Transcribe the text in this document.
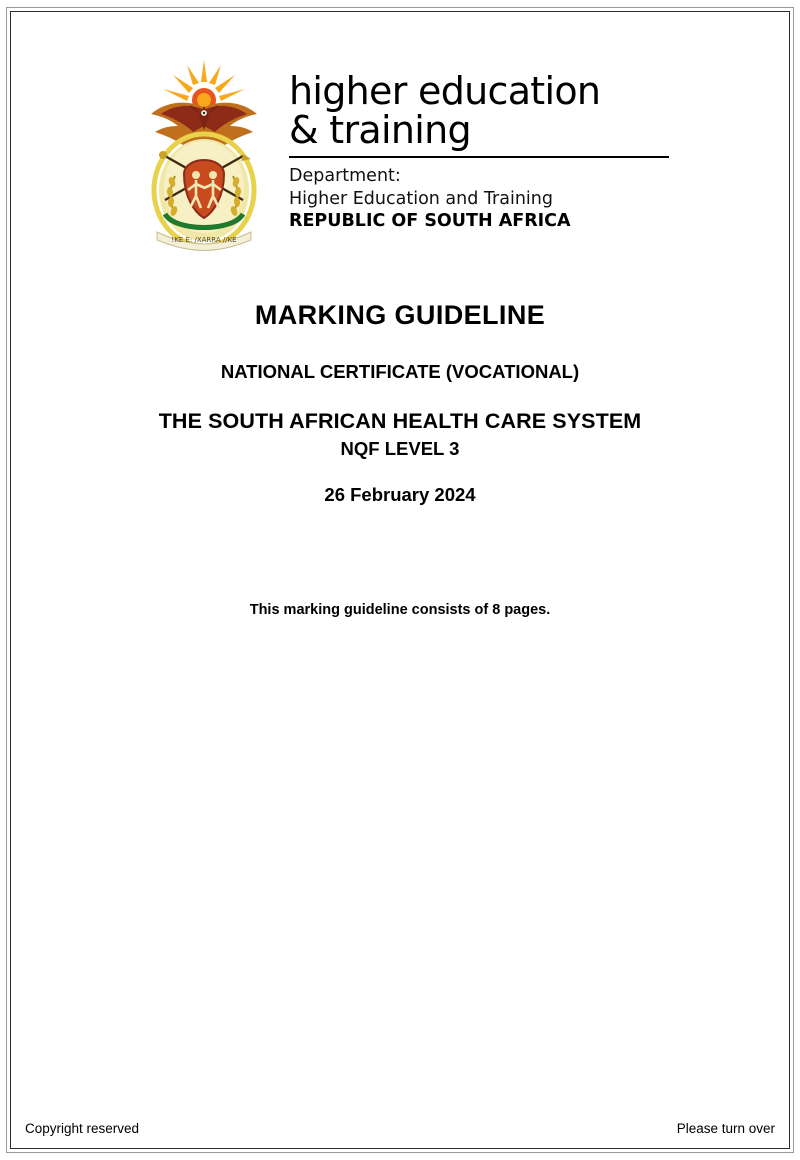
!KE E: /XARRA //KE
higher education
& training
Department:
Higher Education and Training
REPUBLIC OF SOUTH AFRICA
MARKING GUIDELINE
NATIONAL CERTIFICATE (VOCATIONAL)
THE SOUTH AFRICAN HEALTH CARE SYSTEM
NQF LEVEL 3
26 February 2024
This marking guideline consists of 8 pages.
Copyright reserved	Please turn over
